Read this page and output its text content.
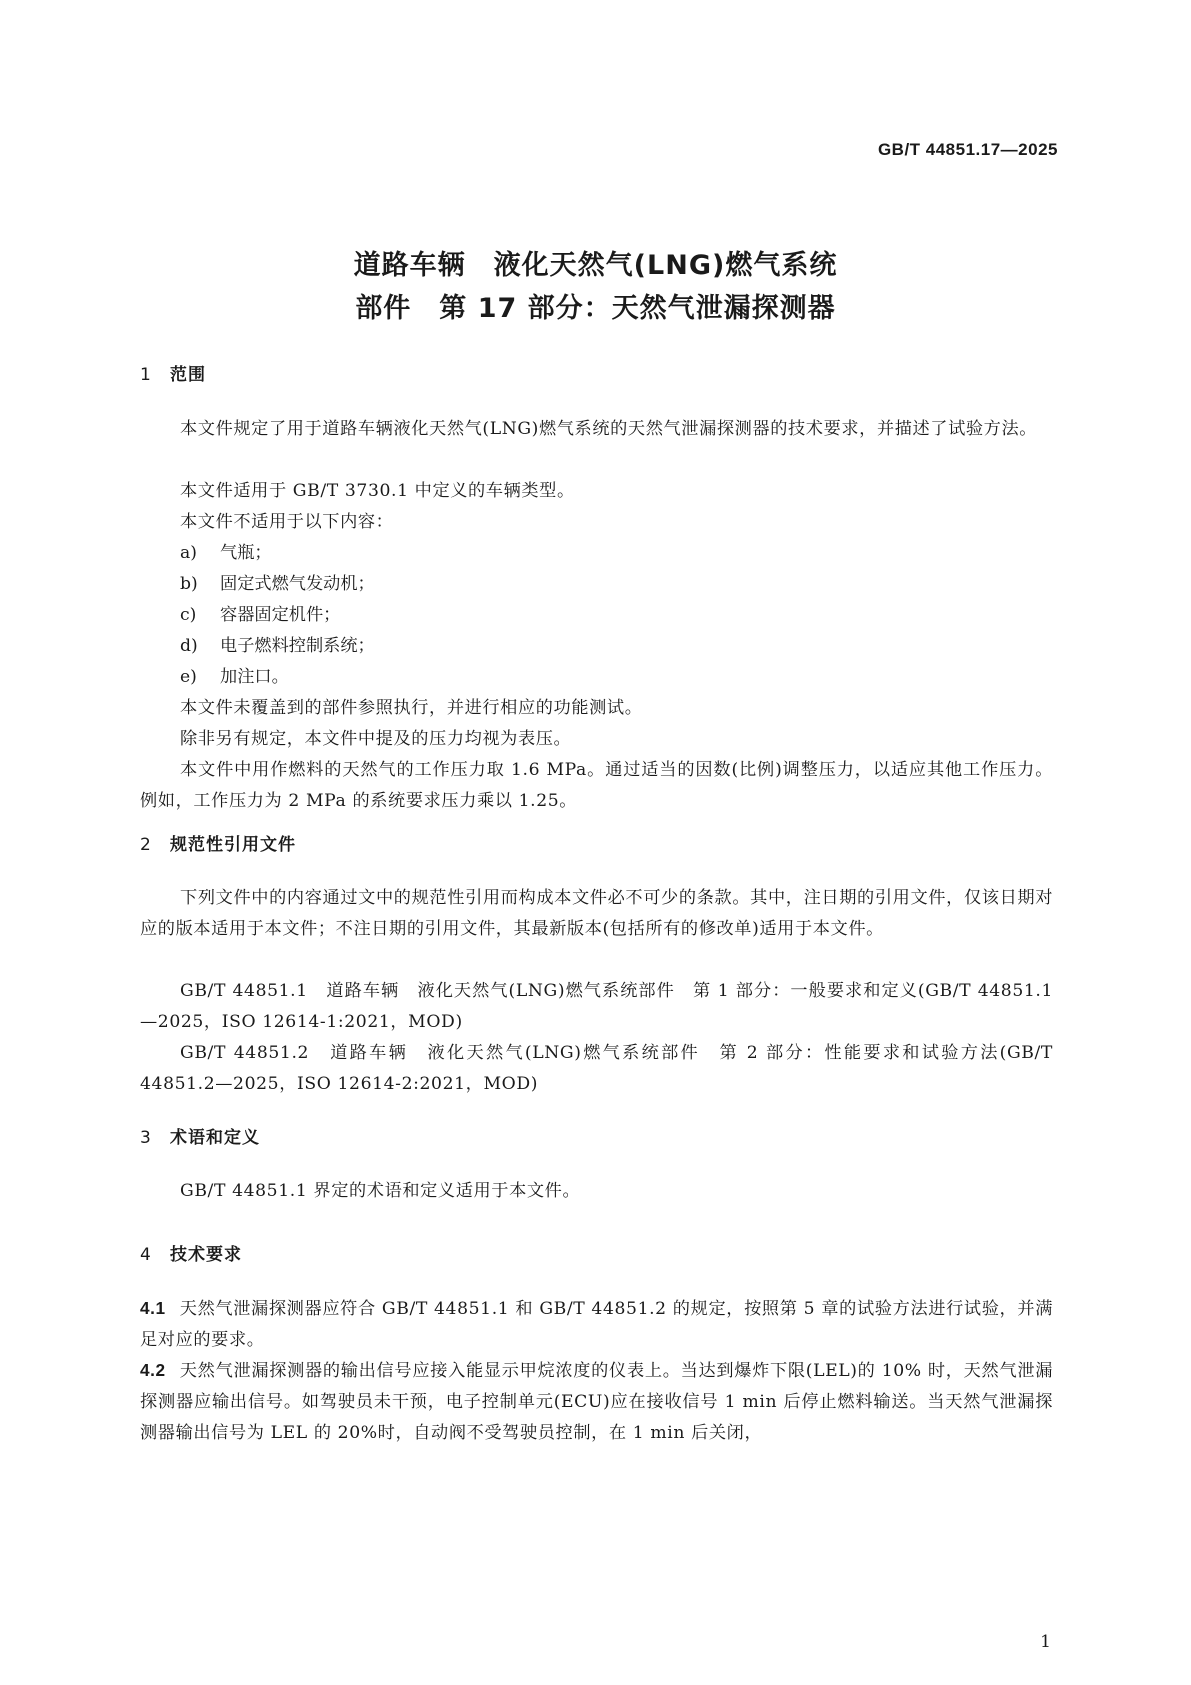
GB/T 44851.17—2025
道路车辆　液化天然气(LNG)燃气系统
部件　第 17 部分：天然气泄漏探测器
1 范围
本文件规定了用于道路车辆液化天然气(LNG)燃气系统的天然气泄漏探测器的技术要求，并描述了试验方法。
本文件适用于 GB/T 3730.1 中定义的车辆类型。
本文件不适用于以下内容：
a) 气瓶；
b) 固定式燃气发动机；
c) 容器固定机件；
d) 电子燃料控制系统；
e) 加注口。
本文件未覆盖到的部件参照执行，并进行相应的功能测试。
除非另有规定，本文件中提及的压力均视为表压。
本文件中用作燃料的天然气的工作压力取 1.6 MPa。通过适当的因数(比例)调整压力，以适应其他工作压力。例如，工作压力为 2 MPa 的系统要求压力乘以 1.25。
2 规范性引用文件
下列文件中的内容通过文中的规范性引用而构成本文件必不可少的条款。其中，注日期的引用文件，仅该日期对应的版本适用于本文件；不注日期的引用文件，其最新版本(包括所有的修改单)适用于本文件。
GB/T 44851.1　道路车辆　液化天然气(LNG)燃气系统部件　第 1 部分：一般要求和定义(GB/T 44851.1—2025，ISO 12614-1:2021，MOD)
GB/T 44851.2　道路车辆　液化天然气(LNG)燃气系统部件　第 2 部分：性能要求和试验方法(GB/T 44851.2—2025，ISO 12614-2:2021，MOD)
3 术语和定义
GB/T 44851.1 界定的术语和定义适用于本文件。
4 技术要求
4.1 天然气泄漏探测器应符合 GB/T 44851.1 和 GB/T 44851.2 的规定，按照第 5 章的试验方法进行试验，并满足对应的要求。
4.2 天然气泄漏探测器的输出信号应接入能显示甲烷浓度的仪表上。当达到爆炸下限(LEL)的 10% 时，天然气泄漏探测器应输出信号。如驾驶员未干预，电子控制单元(ECU)应在接收信号 1 min 后停止燃料输送。当天然气泄漏探测器输出信号为 LEL 的 20%时，自动阀不受驾驶员控制，在 1 min 后关闭，
1
